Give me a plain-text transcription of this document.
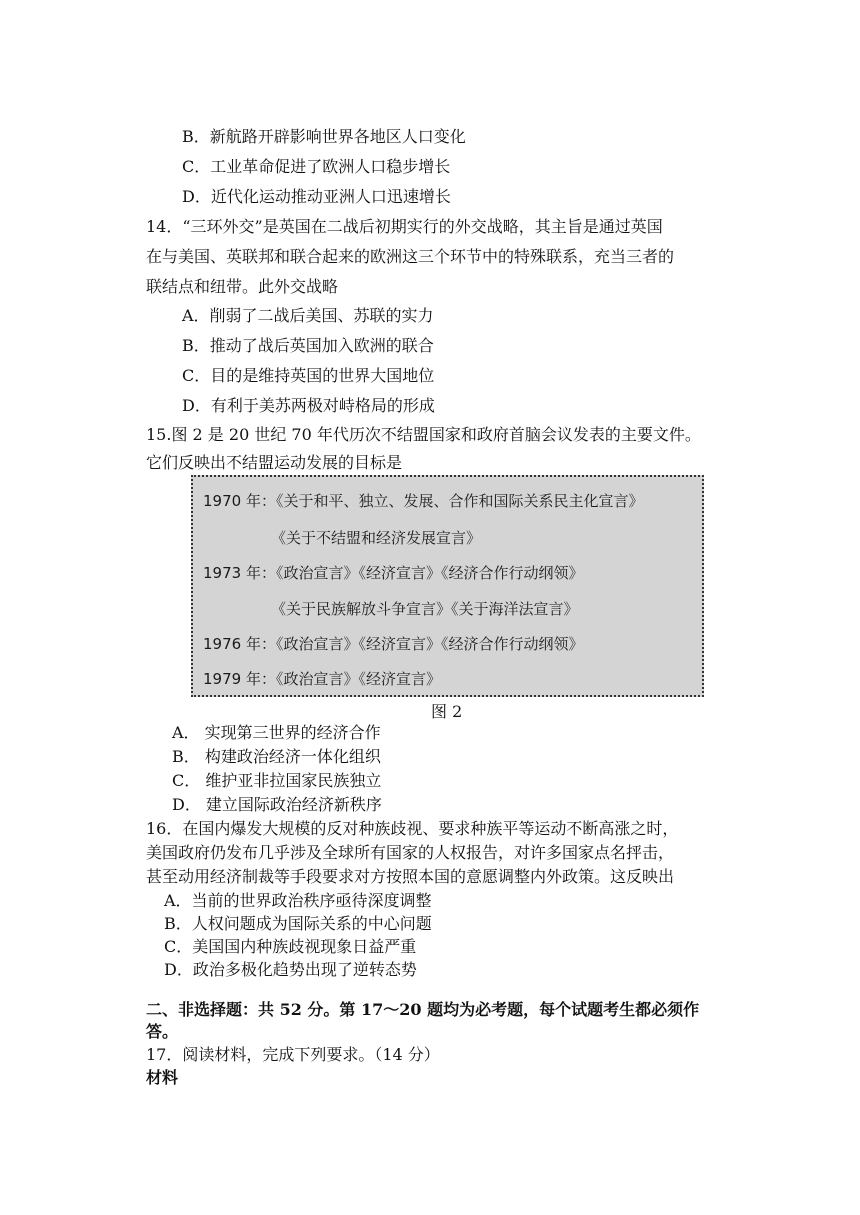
B．新航路开辟影响世界各地区人口变化
C．工业革命促进了欧洲人口稳步增长
D．近代化运动推动亚洲人口迅速增长
14．“三环外交”是英国在二战后初期实行的外交战略，其主旨是通过英国
在与美国、英联邦和联合起来的欧洲这三个环节中的特殊联系，充当三者的
联结点和纽带。此外交战略
A．削弱了二战后美国、苏联的实力
B．推动了战后英国加入欧洲的联合
C．目的是维持英国的世界大国地位
D．有利于美苏两极对峙格局的形成
15.图 2 是 20 世纪 70 年代历次不结盟国家和政府首脑会议发表的主要文件。
它们反映出不结盟运动发展的目标是
1970 年：《关于和平、独立、发展、合作和国际关系民主化宣言》
《关于不结盟和经济发展宣言》
1973 年：《政治宣言》《经济宣言》《经济合作行动纲领》
《关于民族解放斗争宣言》《关于海洋法宣言》
1976 年：《政治宣言》《经济宣言》《经济合作行动纲领》
1979 年：《政治宣言》《经济宣言》
图 2
A． 实现第三世界的经济合作
B． 构建政治经济一体化组织
C． 维护亚非拉国家民族独立
D． 建立国际政治经济新秩序
16．在国内爆发大规模的反对种族歧视、要求种族平等运动不断高涨之时，
美国政府仍发布几乎涉及全球所有国家的人权报告，对许多国家点名抨击，
甚至动用经济制裁等手段要求对方按照本国的意愿调整内外政策。这反映出
A．当前的世界政治秩序亟待深度调整
B．人权问题成为国际关系的中心问题
C．美国国内种族歧视现象日益严重
D．政治多极化趋势出现了逆转态势
二、非选择题：共 52 分。第 17～20 题均为必考题，每个试题考生都必须作
答。
17．阅读材料，完成下列要求。（14 分）
材料
